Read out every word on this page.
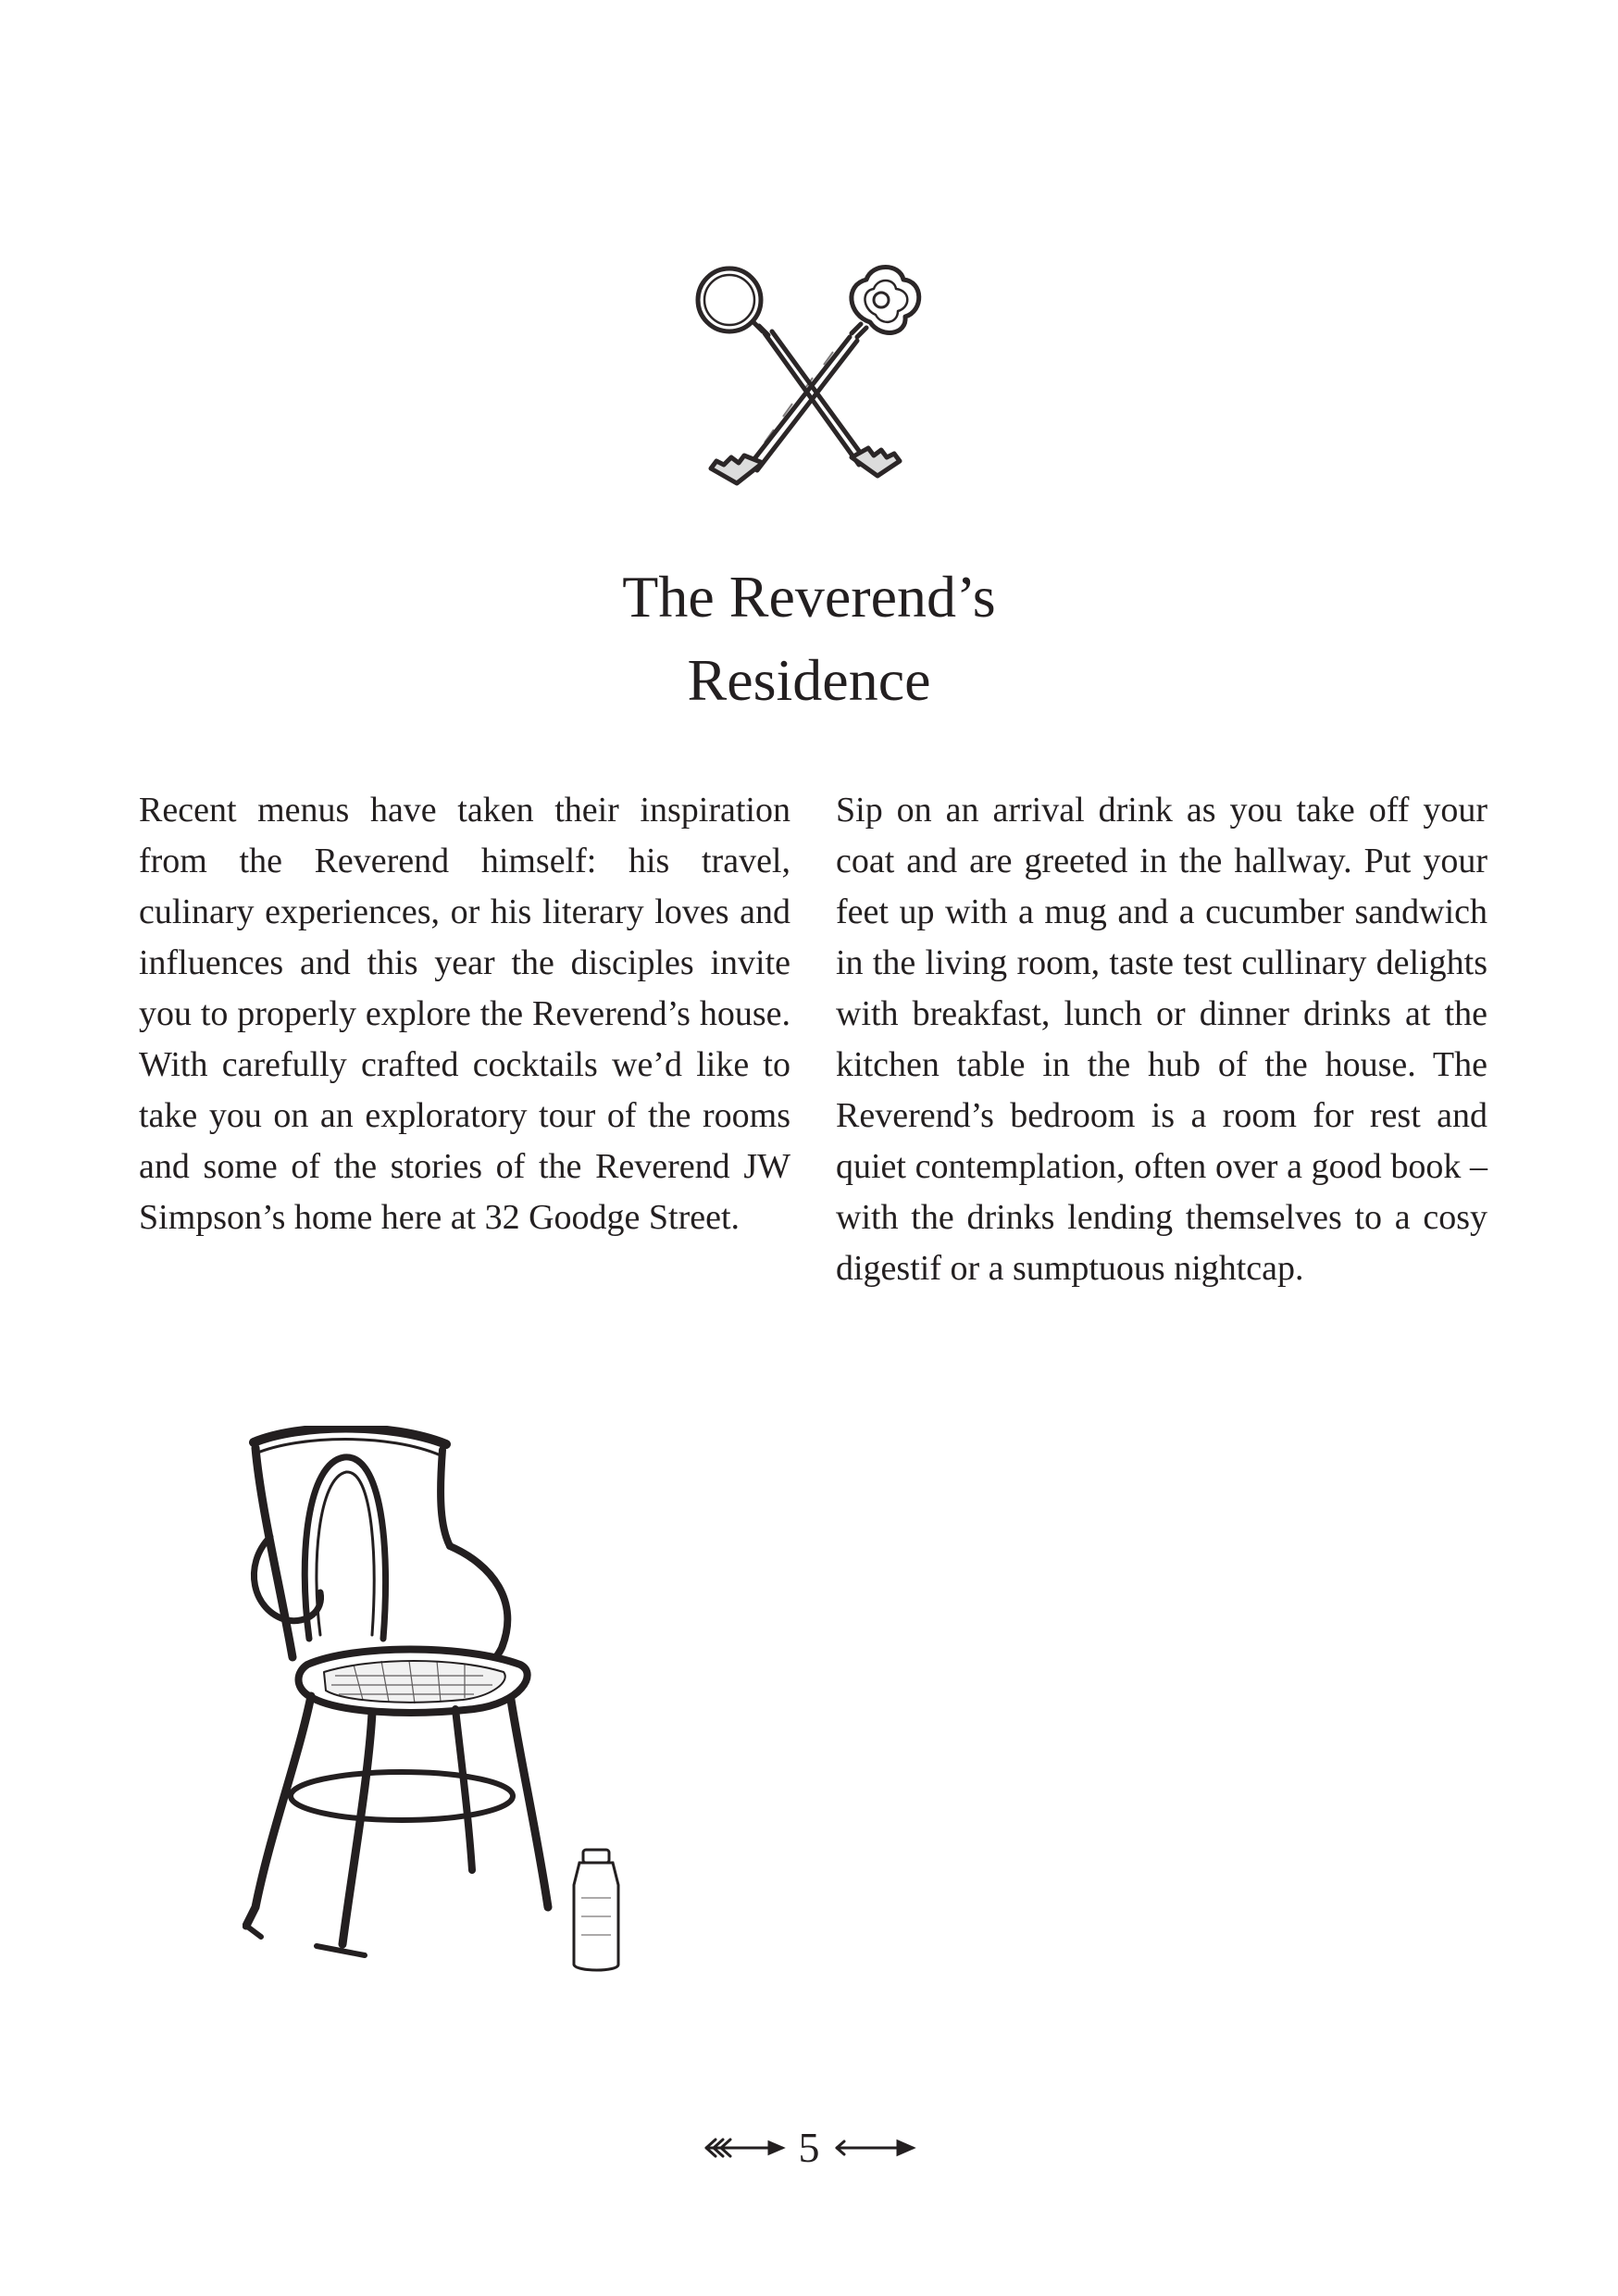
The Reverend’s
Residence

Recent menus have taken their inspiration from the Reverend himself: his travel, culinary experiences, or his literary loves and influences and this year the disciples invite you to properly explore the Reverend’s house. With carefully crafted cocktails we’d like to take you on an exploratory tour of the rooms and some of the stories of the Reverend JW Simpson’s home here at 32 Goodge Street.

Sip on an arrival drink as you take off your coat and are greeted in the hallway. Put your feet up with a mug and a cucumber sandwich in the living room, taste test cullinary delights with breakfast, lunch or dinner drinks at the kitchen table in the hub of the house. The Reverend’s bedroom is a room for rest and quiet contemplation, often over a good book – with the drinks lending themselves to a cosy digestif or a sumptuous nightcap.

5
